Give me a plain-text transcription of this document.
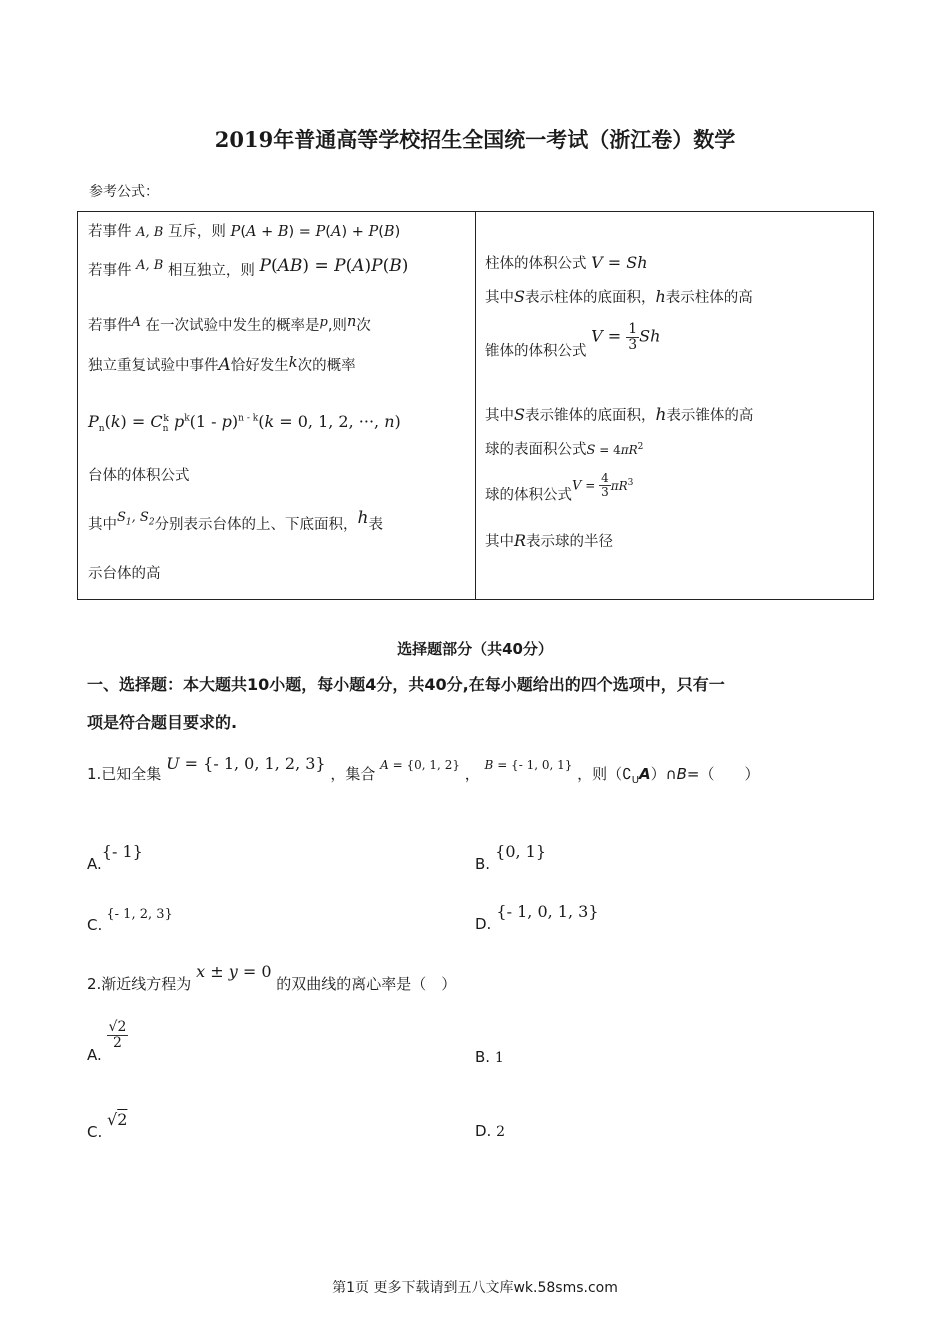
2019年普通高等学校招生全国统一考试（浙江卷）数学
参考公式：
若事件 A, B 互斥，则 P(A + B) = P(A) + P(B)
若事件 A, B 相互独立，则 P(AB) = P(A)P(B)
若事件A 在一次试验中发生的概率是p,则n次
独立重复试验中事件A恰好发生k次的概率
$P_n(k) = C_n^k$ $p^k(1 - p)^{n - k}(k = 0$, 1, 2, ···, n)
台体的体积公式
其中$S_1$, $S_2$分别表示台体的上、下底面积，h表
示台体的高
柱体的体积公式 V = Sh
其中S表示柱体的底面积，h表示柱体的高
锥体的体积公式 $V = \frac{1}{3}$ Sh
其中S表示锥体的底面积，h表示锥体的高
球的表面积公式$S = 4\pi R^2$
球的体积公式$V = \frac{4}{3} \pi R^3$
其中R表示球的半径
选择题部分（共40分）
一、选择题：本大题共10小题，每小题4分，共40分,在每小题给出的四个选项中，只有一
项是符合题目要求的.
1.已知全集 U = {- 1, 0, 1, 2, 3} ，集合 A = {0, 1, 2} ， B = {- 1, 0, 1} ，则$(∁_UA)\cap B=$（　　）
A.{- 1}
B. {0, 1}
C. {- 1, 2, 3}
D. {- 1, 0, 1, 3}
2.渐近线方程为 x ± y = 0 的双曲线的离心率是（　）
A.
$\frac{√2}{2}$
B. 1
C. √2
D. 2
第1页 更多下载请到五八文库wk.58sms.com
